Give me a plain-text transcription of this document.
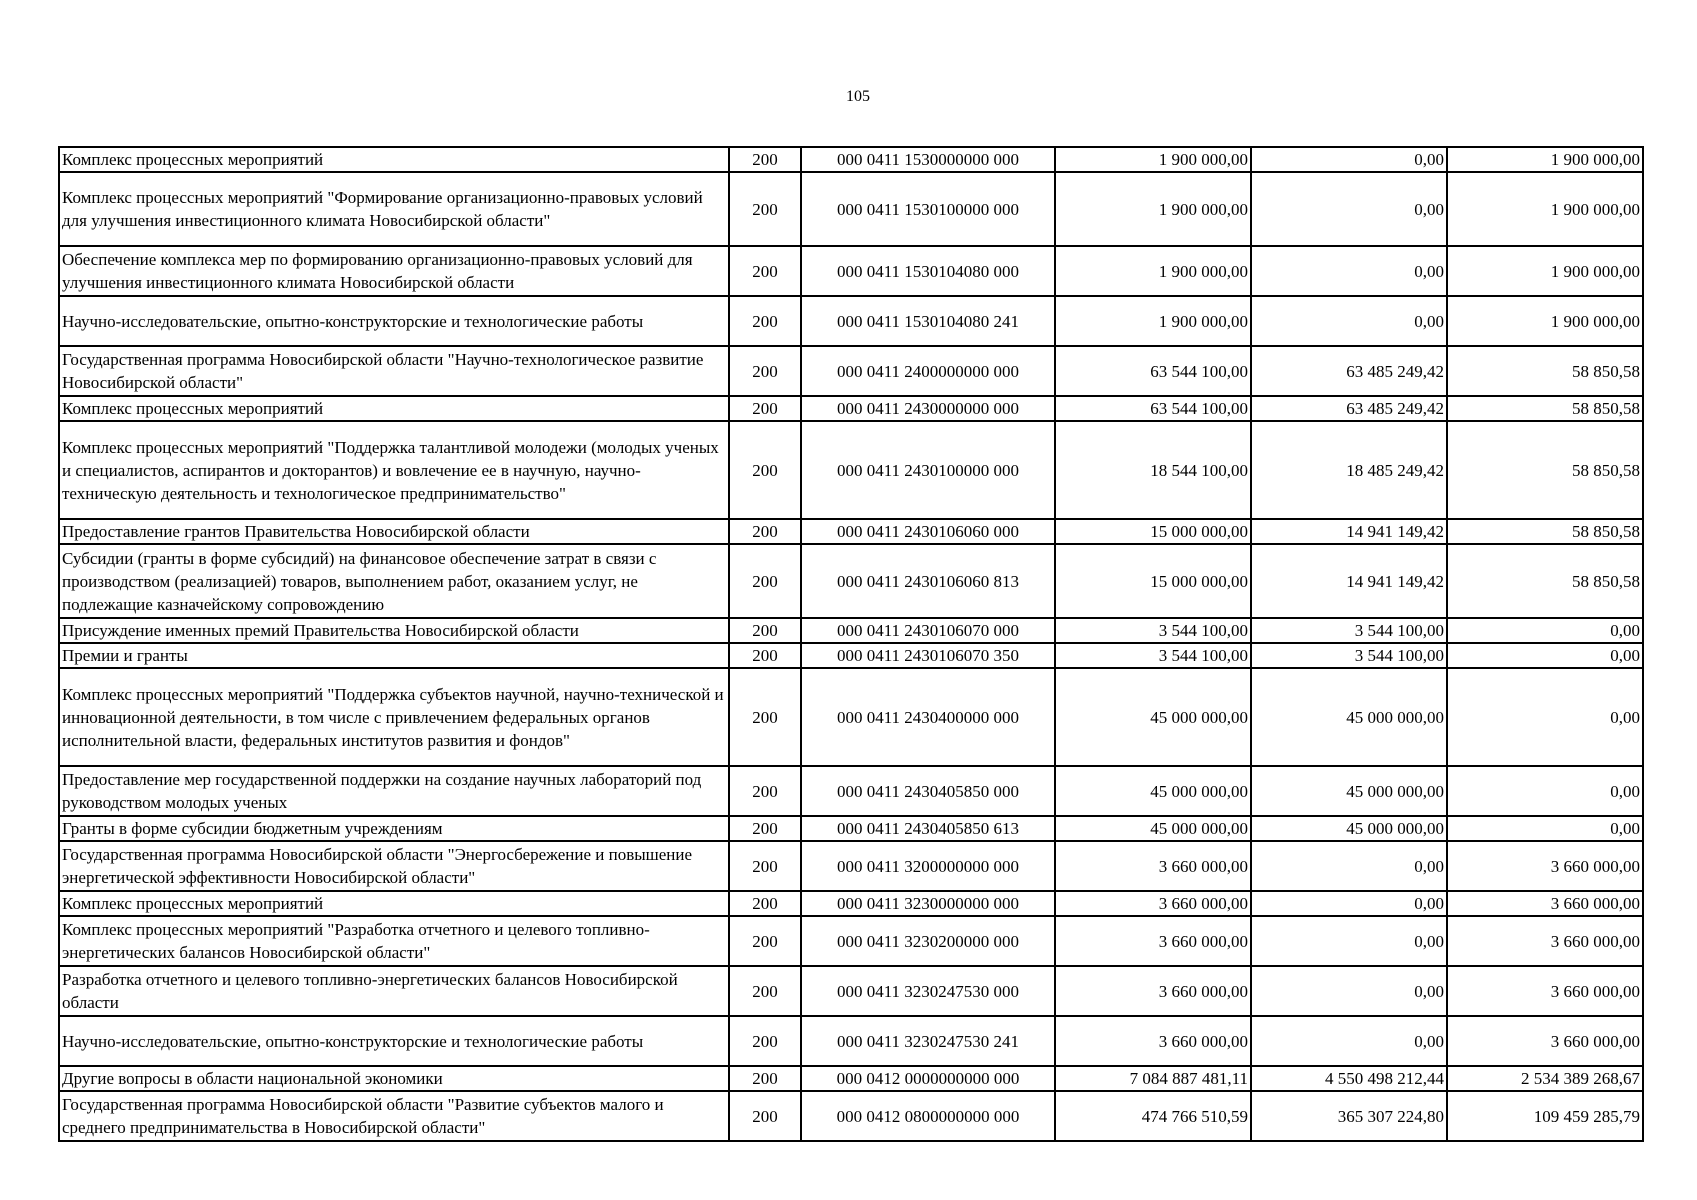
105
Комплекс процессных мероприятий	200	000 0411 1530000000 000	1 900 000,00	0,00	1 900 000,00
Комплекс процессных мероприятий "Формирование организационно-правовых условий для улучшения инвестиционного климата Новосибирской области"	200	000 0411 1530100000 000	1 900 000,00	0,00	1 900 000,00
Обеспечение комплекса мер по формированию организационно-правовых условий для улучшения инвестиционного климата Новосибирской области	200	000 0411 1530104080 000	1 900 000,00	0,00	1 900 000,00
Научно-исследовательские, опытно-конструкторские и технологические работы	200	000 0411 1530104080 241	1 900 000,00	0,00	1 900 000,00
Государственная программа Новосибирской области "Научно-технологическое развитие Новосибирской области"	200	000 0411 2400000000 000	63 544 100,00	63 485 249,42	58 850,58
Комплекс процессных мероприятий	200	000 0411 2430000000 000	63 544 100,00	63 485 249,42	58 850,58
Комплекс процессных мероприятий "Поддержка талантливой молодежи (молодых ученых и специалистов, аспирантов и докторантов) и вовлечение ее в научную, научно-техническую деятельность и технологическое предпринимательство"	200	000 0411 2430100000 000	18 544 100,00	18 485 249,42	58 850,58
Предоставление грантов Правительства Новосибирской области	200	000 0411 2430106060 000	15 000 000,00	14 941 149,42	58 850,58
Субсидии (гранты в форме субсидий) на финансовое обеспечение затрат в связи с производством (реализацией) товаров, выполнением работ, оказанием услуг, не подлежащие казначейскому сопровождению	200	000 0411 2430106060 813	15 000 000,00	14 941 149,42	58 850,58
Присуждение именных премий Правительства Новосибирской области	200	000 0411 2430106070 000	3 544 100,00	3 544 100,00	0,00
Премии и гранты	200	000 0411 2430106070 350	3 544 100,00	3 544 100,00	0,00
Комплекс процессных мероприятий "Поддержка субъектов научной, научно-технической и инновационной деятельности, в том числе с привлечением федеральных органов исполнительной власти, федеральных институтов развития и фондов"	200	000 0411 2430400000 000	45 000 000,00	45 000 000,00	0,00
Предоставление мер государственной поддержки на создание научных лабораторий под руководством молодых ученых	200	000 0411 2430405850 000	45 000 000,00	45 000 000,00	0,00
Гранты в форме субсидии бюджетным учреждениям	200	000 0411 2430405850 613	45 000 000,00	45 000 000,00	0,00
Государственная программа Новосибирской области "Энергосбережение и повышение энергетической эффективности Новосибирской области"	200	000 0411 3200000000 000	3 660 000,00	0,00	3 660 000,00
Комплекс процессных мероприятий	200	000 0411 3230000000 000	3 660 000,00	0,00	3 660 000,00
Комплекс процессных мероприятий "Разработка отчетного и целевого топливно-энергетических балансов Новосибирской области"	200	000 0411 3230200000 000	3 660 000,00	0,00	3 660 000,00
Разработка отчетного и целевого топливно-энергетических балансов Новосибирской области	200	000 0411 3230247530 000	3 660 000,00	0,00	3 660 000,00
Научно-исследовательские, опытно-конструкторские и технологические работы	200	000 0411 3230247530 241	3 660 000,00	0,00	3 660 000,00
Другие вопросы в области национальной экономики	200	000 0412 0000000000 000	7 084 887 481,11	4 550 498 212,44	2 534 389 268,67
Государственная программа Новосибирской области "Развитие субъектов малого и среднего предпринимательства в Новосибирской области"	200	000 0412 0800000000 000	474 766 510,59	365 307 224,80	109 459 285,79
